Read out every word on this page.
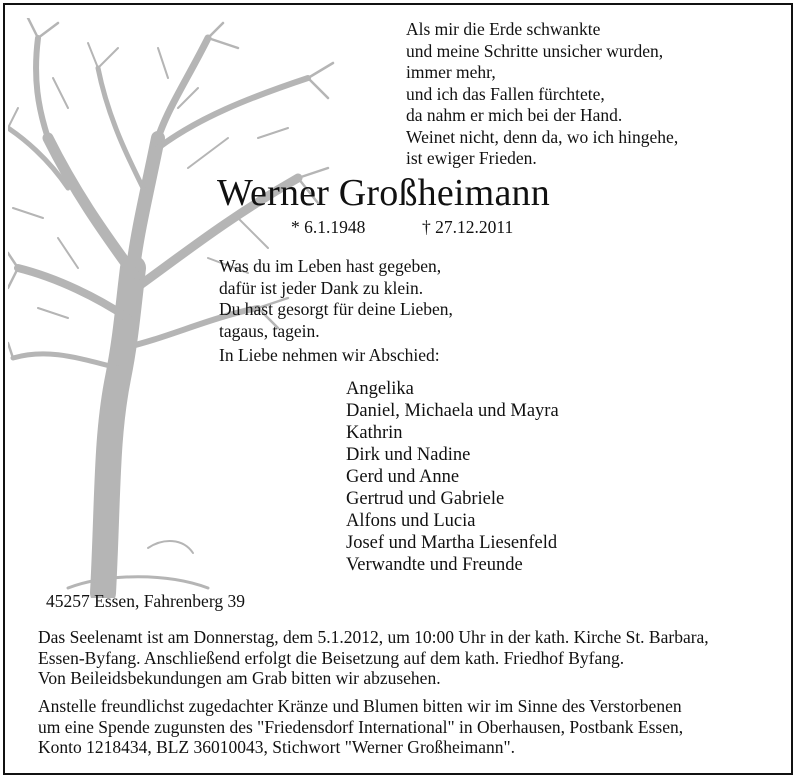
Als mir die Erde schwankte
und meine Schritte unsicher wurden,
immer mehr,
und ich das Fallen fürchtete,
da nahm er mich bei der Hand.
Weinet nicht, denn da, wo ich hingehe,
ist ewiger Frieden.
Werner Großheimann
* 6.1.1948	† 27.12.2011
Was du im Leben hast gegeben,
dafür ist jeder Dank zu klein.
Du hast gesorgt für deine Lieben,
tagaus, tagein.
In Liebe nehmen wir Abschied:
Angelika
Daniel, Michaela und Mayra
Kathrin
Dirk und Nadine
Gerd und Anne
Gertrud und Gabriele
Alfons und Lucia
Josef und Martha Liesenfeld
Verwandte und Freunde
45257 Essen, Fahrenberg 39
Das Seelenamt ist am Donnerstag, dem 5.1.2012, um 10:00 Uhr in der kath. Kirche St. Barbara,
Essen-Byfang. Anschließend erfolgt die Beisetzung auf dem kath. Friedhof Byfang.
Von Beileidsbekundungen am Grab bitten wir abzusehen.
Anstelle freundlichst zugedachter Kränze und Blumen bitten wir im Sinne des Verstorbenen
um eine Spende zugunsten des "Friedensdorf International" in Oberhausen, Postbank Essen,
Konto 1218434, BLZ 36010043, Stichwort "Werner Großheimann".
